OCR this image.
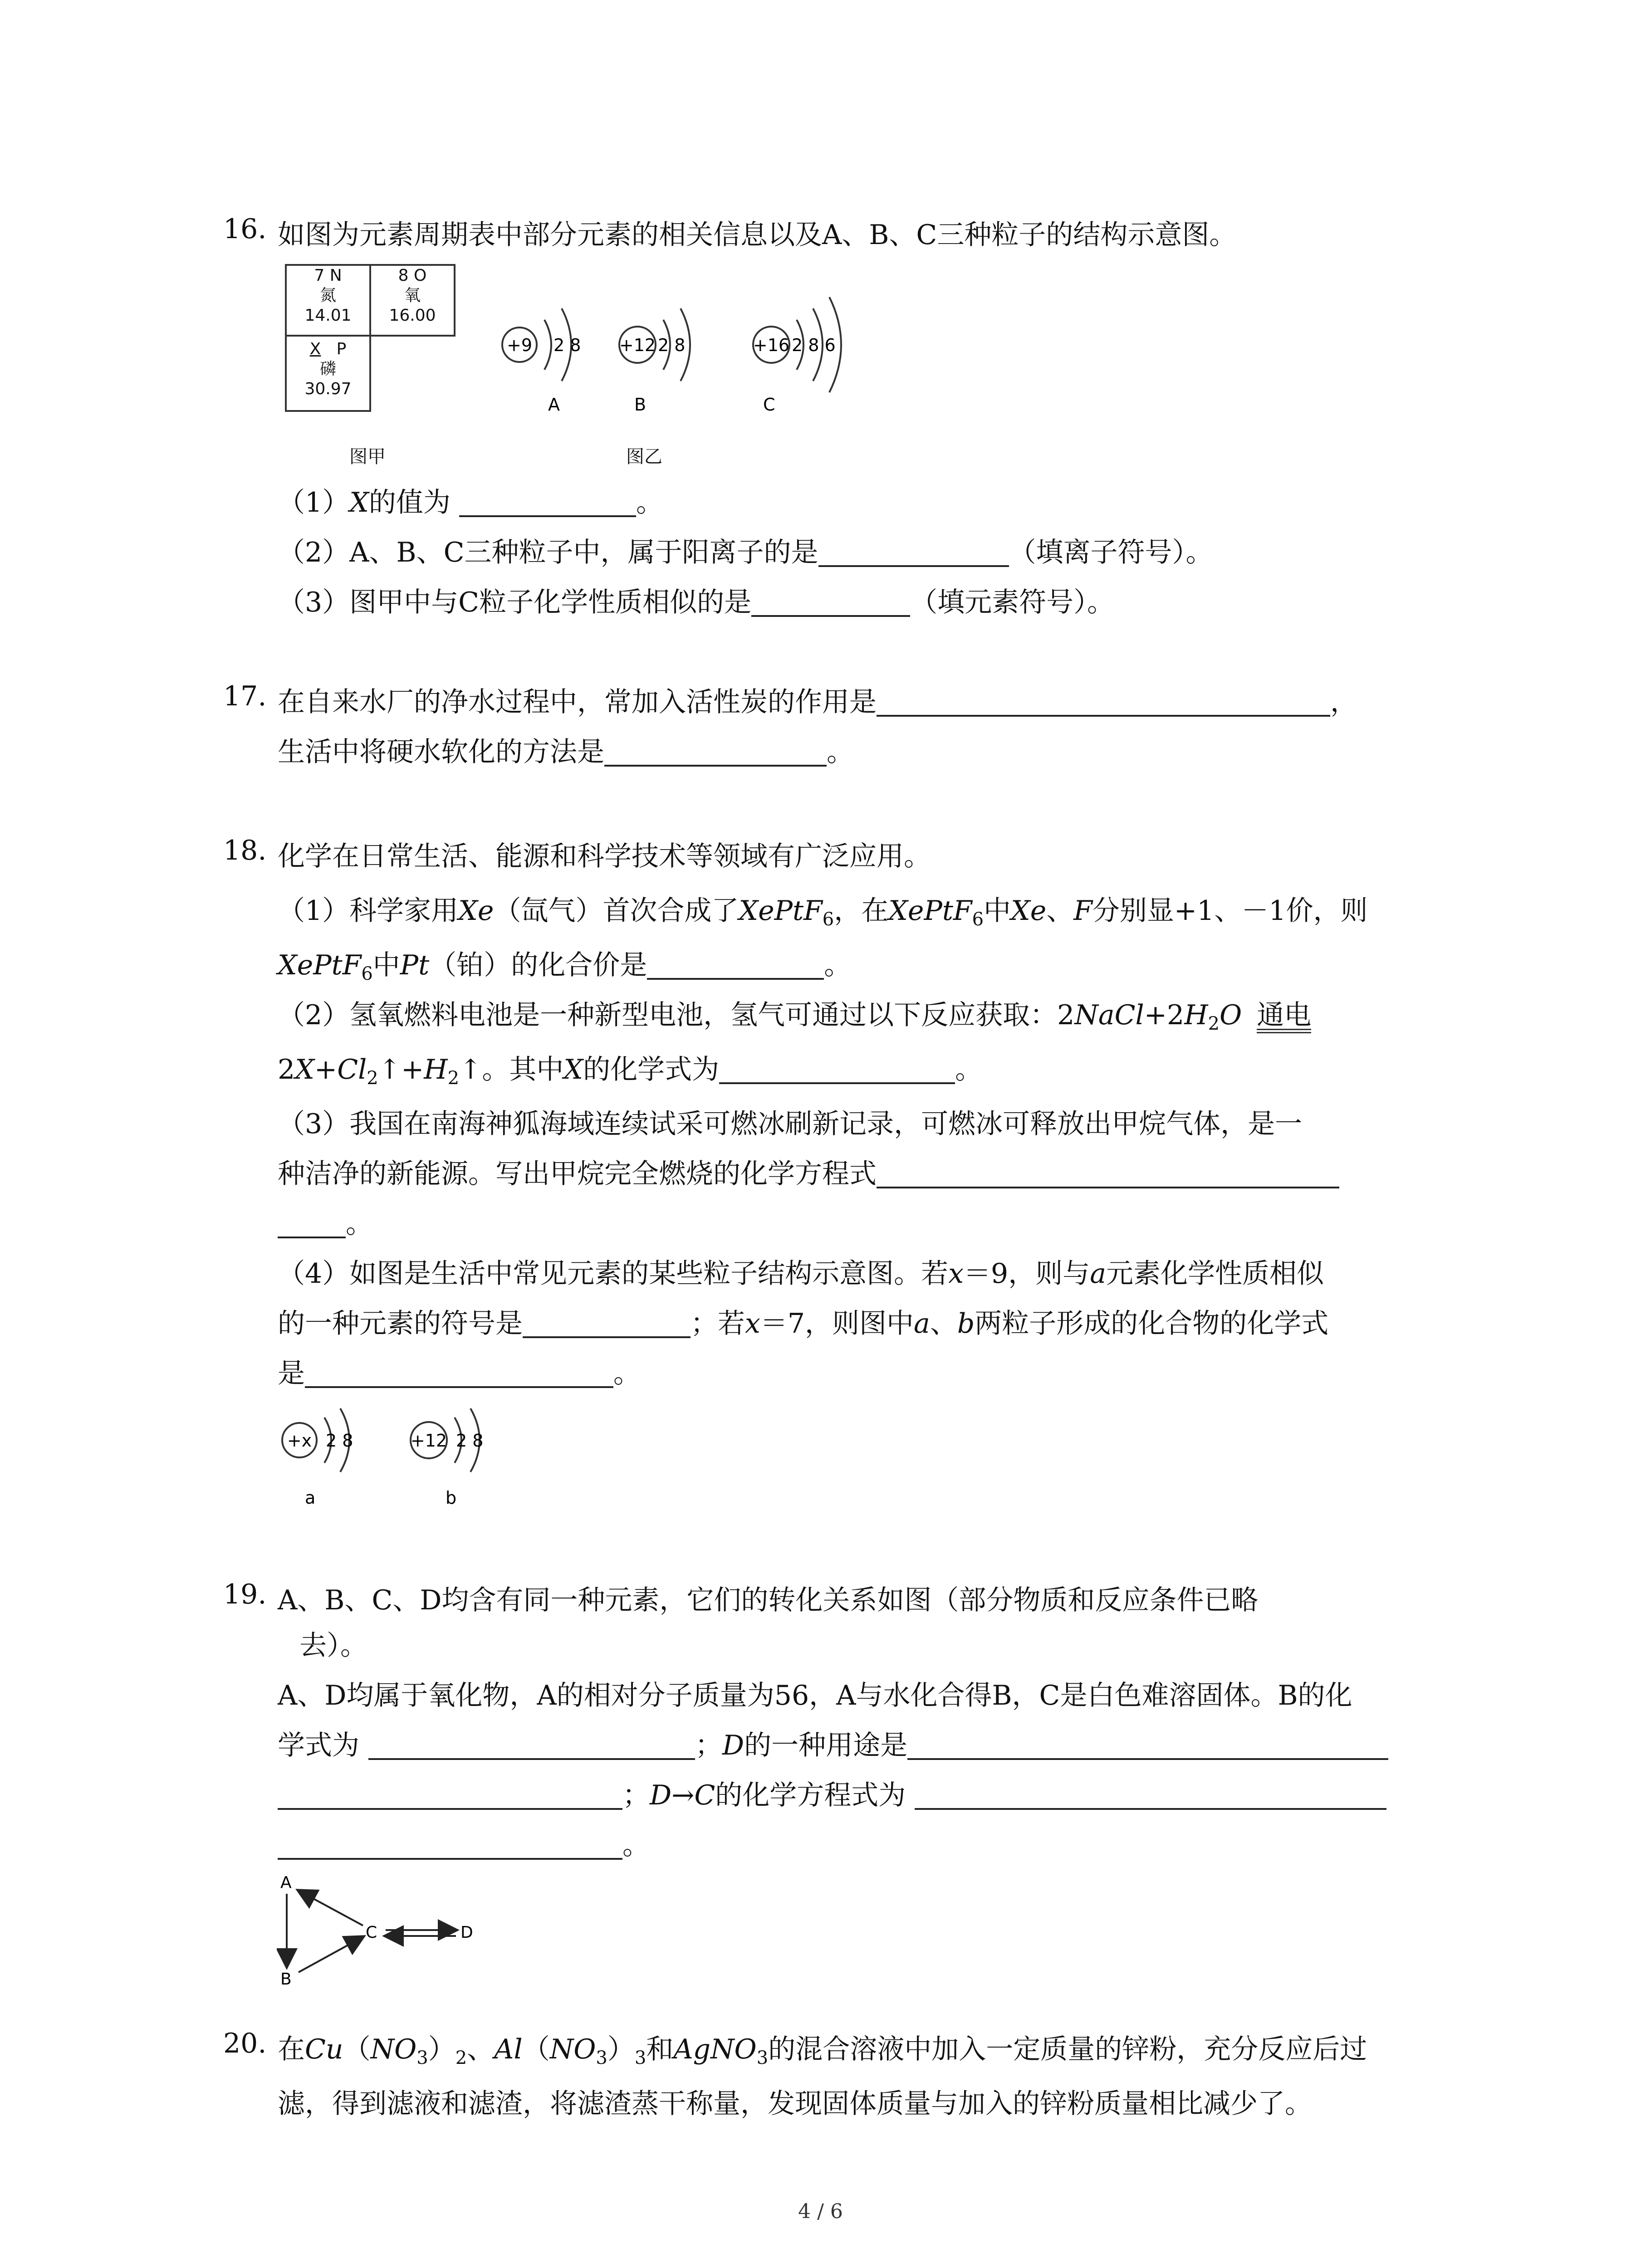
16. 如图为元素周期表中部分元素的相关信息以及A、B、C三种粒子的结构示意图。
7 N
氮
14.01
8 O
氧
16.00
X P
磷
30.97
+9 2 8
A
+12 2 8
B
+16 2 8 6
C
图甲	图乙
（1）X的值为	。
（2）A、B、C三种粒子中，属于阳离子的是	（填离子符号）。
（3）图甲中与C粒子化学性质相似的是	（填元素符号）。
17. 在自来水厂的净水过程中，常加入活性炭的作用是	，
生活中将硬水软化的方法是	。
18. 化学在日常生活、能源和科学技术等领域有广泛应用。
（1）科学家用Xe（氙气）首次合成了XePtF$_6$，在XePtF$_6$中Xe、F分别显+1、－1价，则
XePtF$_6$中Pt（铂）的化合价是	。
（2）氢氧燃料电池是一种新型电池，氢气可通过以下反应获取：$2NaCl+2H_2O$ 通电
$2X+Cl_2↑+H_2↑$。其中X的化学式为	。
（3）我国在南海神狐海域连续试采可燃冰刷新记录，可燃冰可释放出甲烷气体，是一
种洁净的新能源。写出甲烷完全燃烧的化学方程式
。
（4）如图是生活中常见元素的某些粒子结构示意图。若x＝9，则与a元素化学性质相似
的一种元素的符号是	；若x＝7，则图中a、b两粒子形成的化合物的化学式
是	。
+x 2 8
a
+12 2 8
b
19. A、B、C、D均含有同一种元素，它们的转化关系如图（部分物质和反应条件已略
去）。
A、D均属于氧化物，A的相对分子质量为56，A与水化合得B，C是白色难溶固体。B的化
学式为	；D的一种用途是
；D→C的化学方程式为
。
A
B
C	D
20. 在$Cu(NO_3)_2$、$Al(NO_3)_3$和AgNO$_3$的混合溶液中加入一定质量的锌粉，充分反应后过
滤，得到滤液和滤渣，将滤渣蒸干称量，发现固体质量与加入的锌粉质量相比减少了。
4 / 6
